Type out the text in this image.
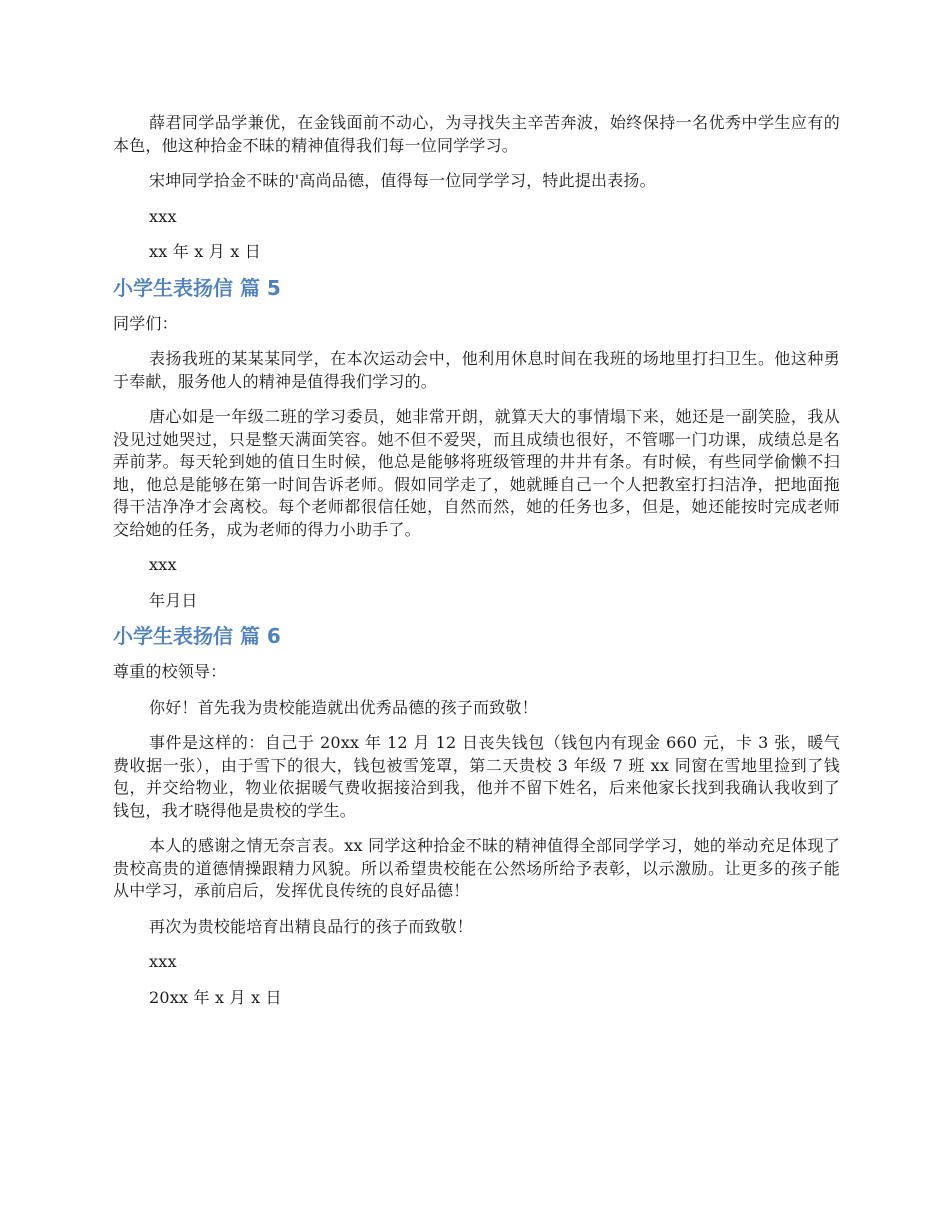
薛君同学品学兼优，在金钱面前不动心，为寻找失主辛苦奔波，始终保持一名优秀中学生应有的本色，他这种拾金不昧的精神值得我们每一位同学学习。

宋坤同学拾金不昧的'高尚品德，值得每一位同学学习，特此提出表扬。

xxx

xx 年 x 月 x 日

小学生表扬信 篇 5

同学们：

表扬我班的某某某同学，在本次运动会中，他利用休息时间在我班的场地里打扫卫生。他这种勇于奉献，服务他人的精神是值得我们学习的。

唐心如是一年级二班的学习委员，她非常开朗，就算天大的事情塌下来，她还是一副笑脸，我从没见过她哭过，只是整天满面笑容。她不但不爱哭，而且成绩也很好，不管哪一门功课，成绩总是名弄前茅。每天轮到她的值日生时候，他总是能够将班级管理的井井有条。有时候，有些同学偷懒不扫地，他总是能够在第一时间告诉老师。假如同学走了，她就睡自己一个人把教室打扫洁净，把地面拖得干洁净净才会离校。每个老师都很信任她，自然而然，她的任务也多，但是，她还能按时完成老师交给她的任务，成为老师的得力小助手了。

xxx

年月日

小学生表扬信 篇 6

尊重的校领导：

你好！首先我为贵校能造就出优秀品德的孩子而致敬！

事件是这样的：自己于 20xx 年 12 月 12 日丧失钱包（钱包内有现金 660 元，卡 3 张，暖气费收据一张），由于雪下的很大，钱包被雪笼罩，第二天贵校 3 年级 7 班 xx 同窗在雪地里捡到了钱包，并交给物业，物业依据暖气费收据接洽到我，他并不留下姓名，后来他家长找到我确认我收到了钱包，我才晓得他是贵校的学生。

本人的感谢之情无奈言表。xx 同学这种拾金不昧的精神值得全部同学学习，她的举动充足体现了贵校高贵的道德情操跟精力风貌。所以希望贵校能在公然场所给予表彰，以示激励。让更多的孩子能从中学习，承前启后，发挥优良传统的良好品德！

再次为贵校能培育出精良品行的孩子而致敬！

xxx

20xx 年 x 月 x 日
